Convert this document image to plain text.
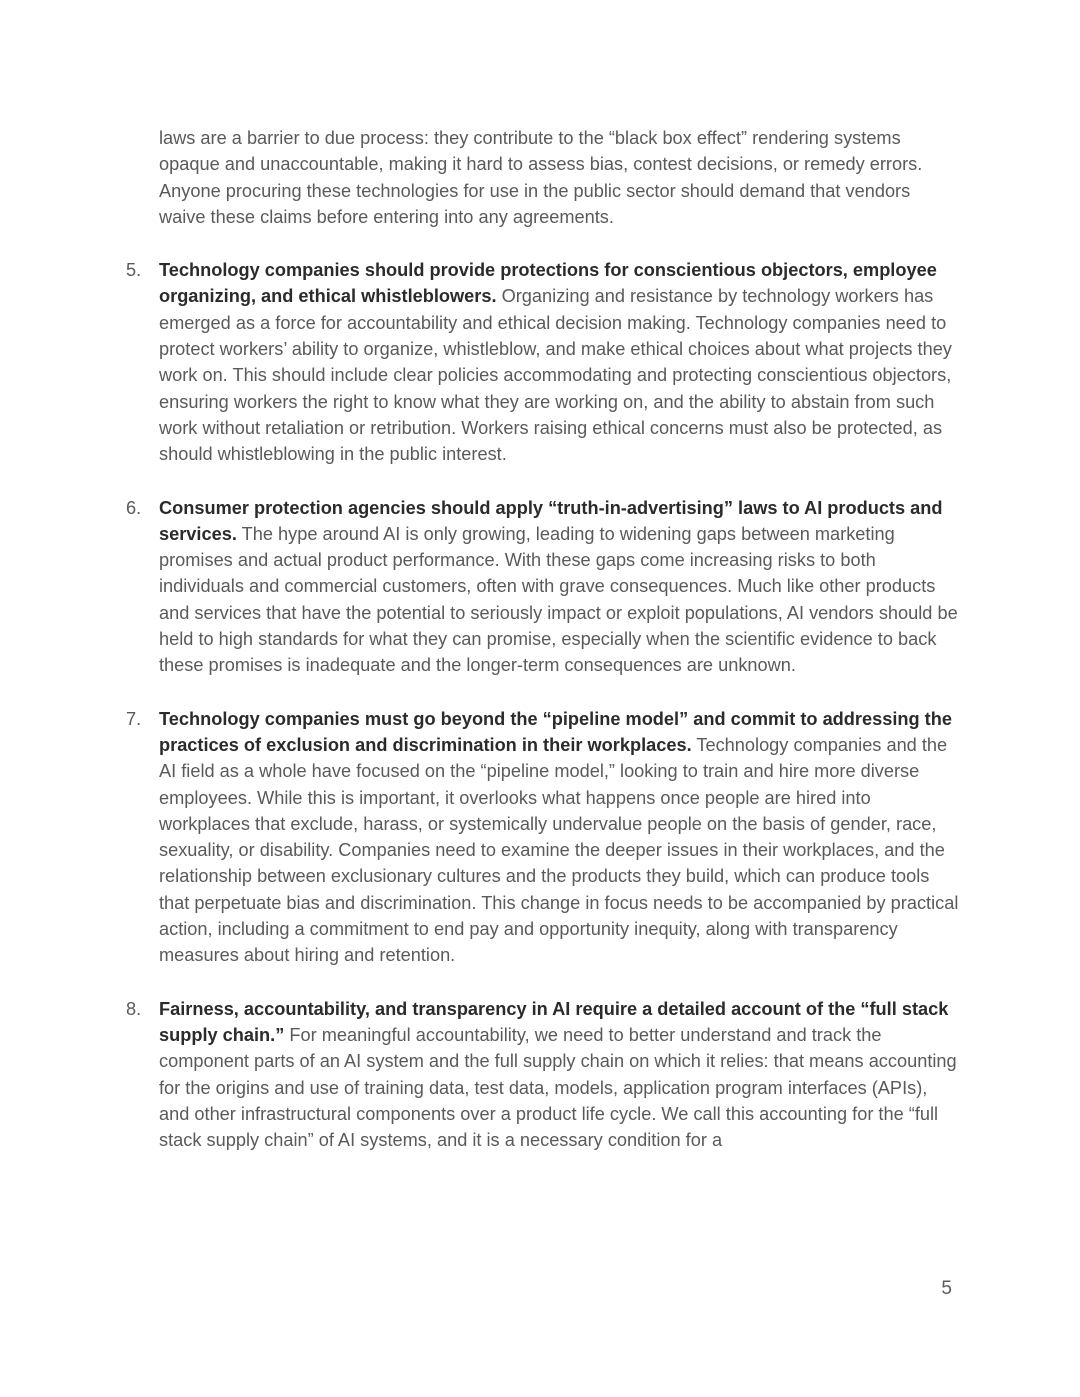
laws are a barrier to due process: they contribute to the “black box effect” rendering systems opaque and unaccountable, making it hard to assess bias, contest decisions, or remedy errors. Anyone procuring these technologies for use in the public sector should demand that vendors waive these claims before entering into any agreements.

5. Technology companies should provide protections for conscientious objectors, employee organizing, and ethical whistleblowers. Organizing and resistance by technology workers has emerged as a force for accountability and ethical decision making. Technology companies need to protect workers’ ability to organize, whistleblow, and make ethical choices about what projects they work on. This should include clear policies accommodating and protecting conscientious objectors, ensuring workers the right to know what they are working on, and the ability to abstain from such work without retaliation or retribution. Workers raising ethical concerns must also be protected, as should whistleblowing in the public interest.
6. Consumer protection agencies should apply “truth-in-advertising” laws to AI products and services. The hype around AI is only growing, leading to widening gaps between marketing promises and actual product performance. With these gaps come increasing risks to both individuals and commercial customers, often with grave consequences. Much like other products and services that have the potential to seriously impact or exploit populations, AI vendors should be held to high standards for what they can promise, especially when the scientific evidence to back these promises is inadequate and the longer-term consequences are unknown.
7. Technology companies must go beyond the “pipeline model” and commit to addressing the practices of exclusion and discrimination in their workplaces. Technology companies and the AI field as a whole have focused on the “pipeline model,” looking to train and hire more diverse employees. While this is important, it overlooks what happens once people are hired into workplaces that exclude, harass, or systemically undervalue people on the basis of gender, race, sexuality, or disability. Companies need to examine the deeper issues in their workplaces, and the relationship between exclusionary cultures and the products they build, which can produce tools that perpetuate bias and discrimination. This change in focus needs to be accompanied by practical action, including a commitment to end pay and opportunity inequity, along with transparency measures about hiring and retention.
8. Fairness, accountability, and transparency in AI require a detailed account of the “full stack supply chain.” For meaningful accountability, we need to better understand and track the component parts of an AI system and the full supply chain on which it relies: that means accounting for the origins and use of training data, test data, models, application program interfaces (APIs), and other infrastructural components over a product life cycle. We call this accounting for the “full stack supply chain” of AI systems, and it is a necessary condition for a
5
